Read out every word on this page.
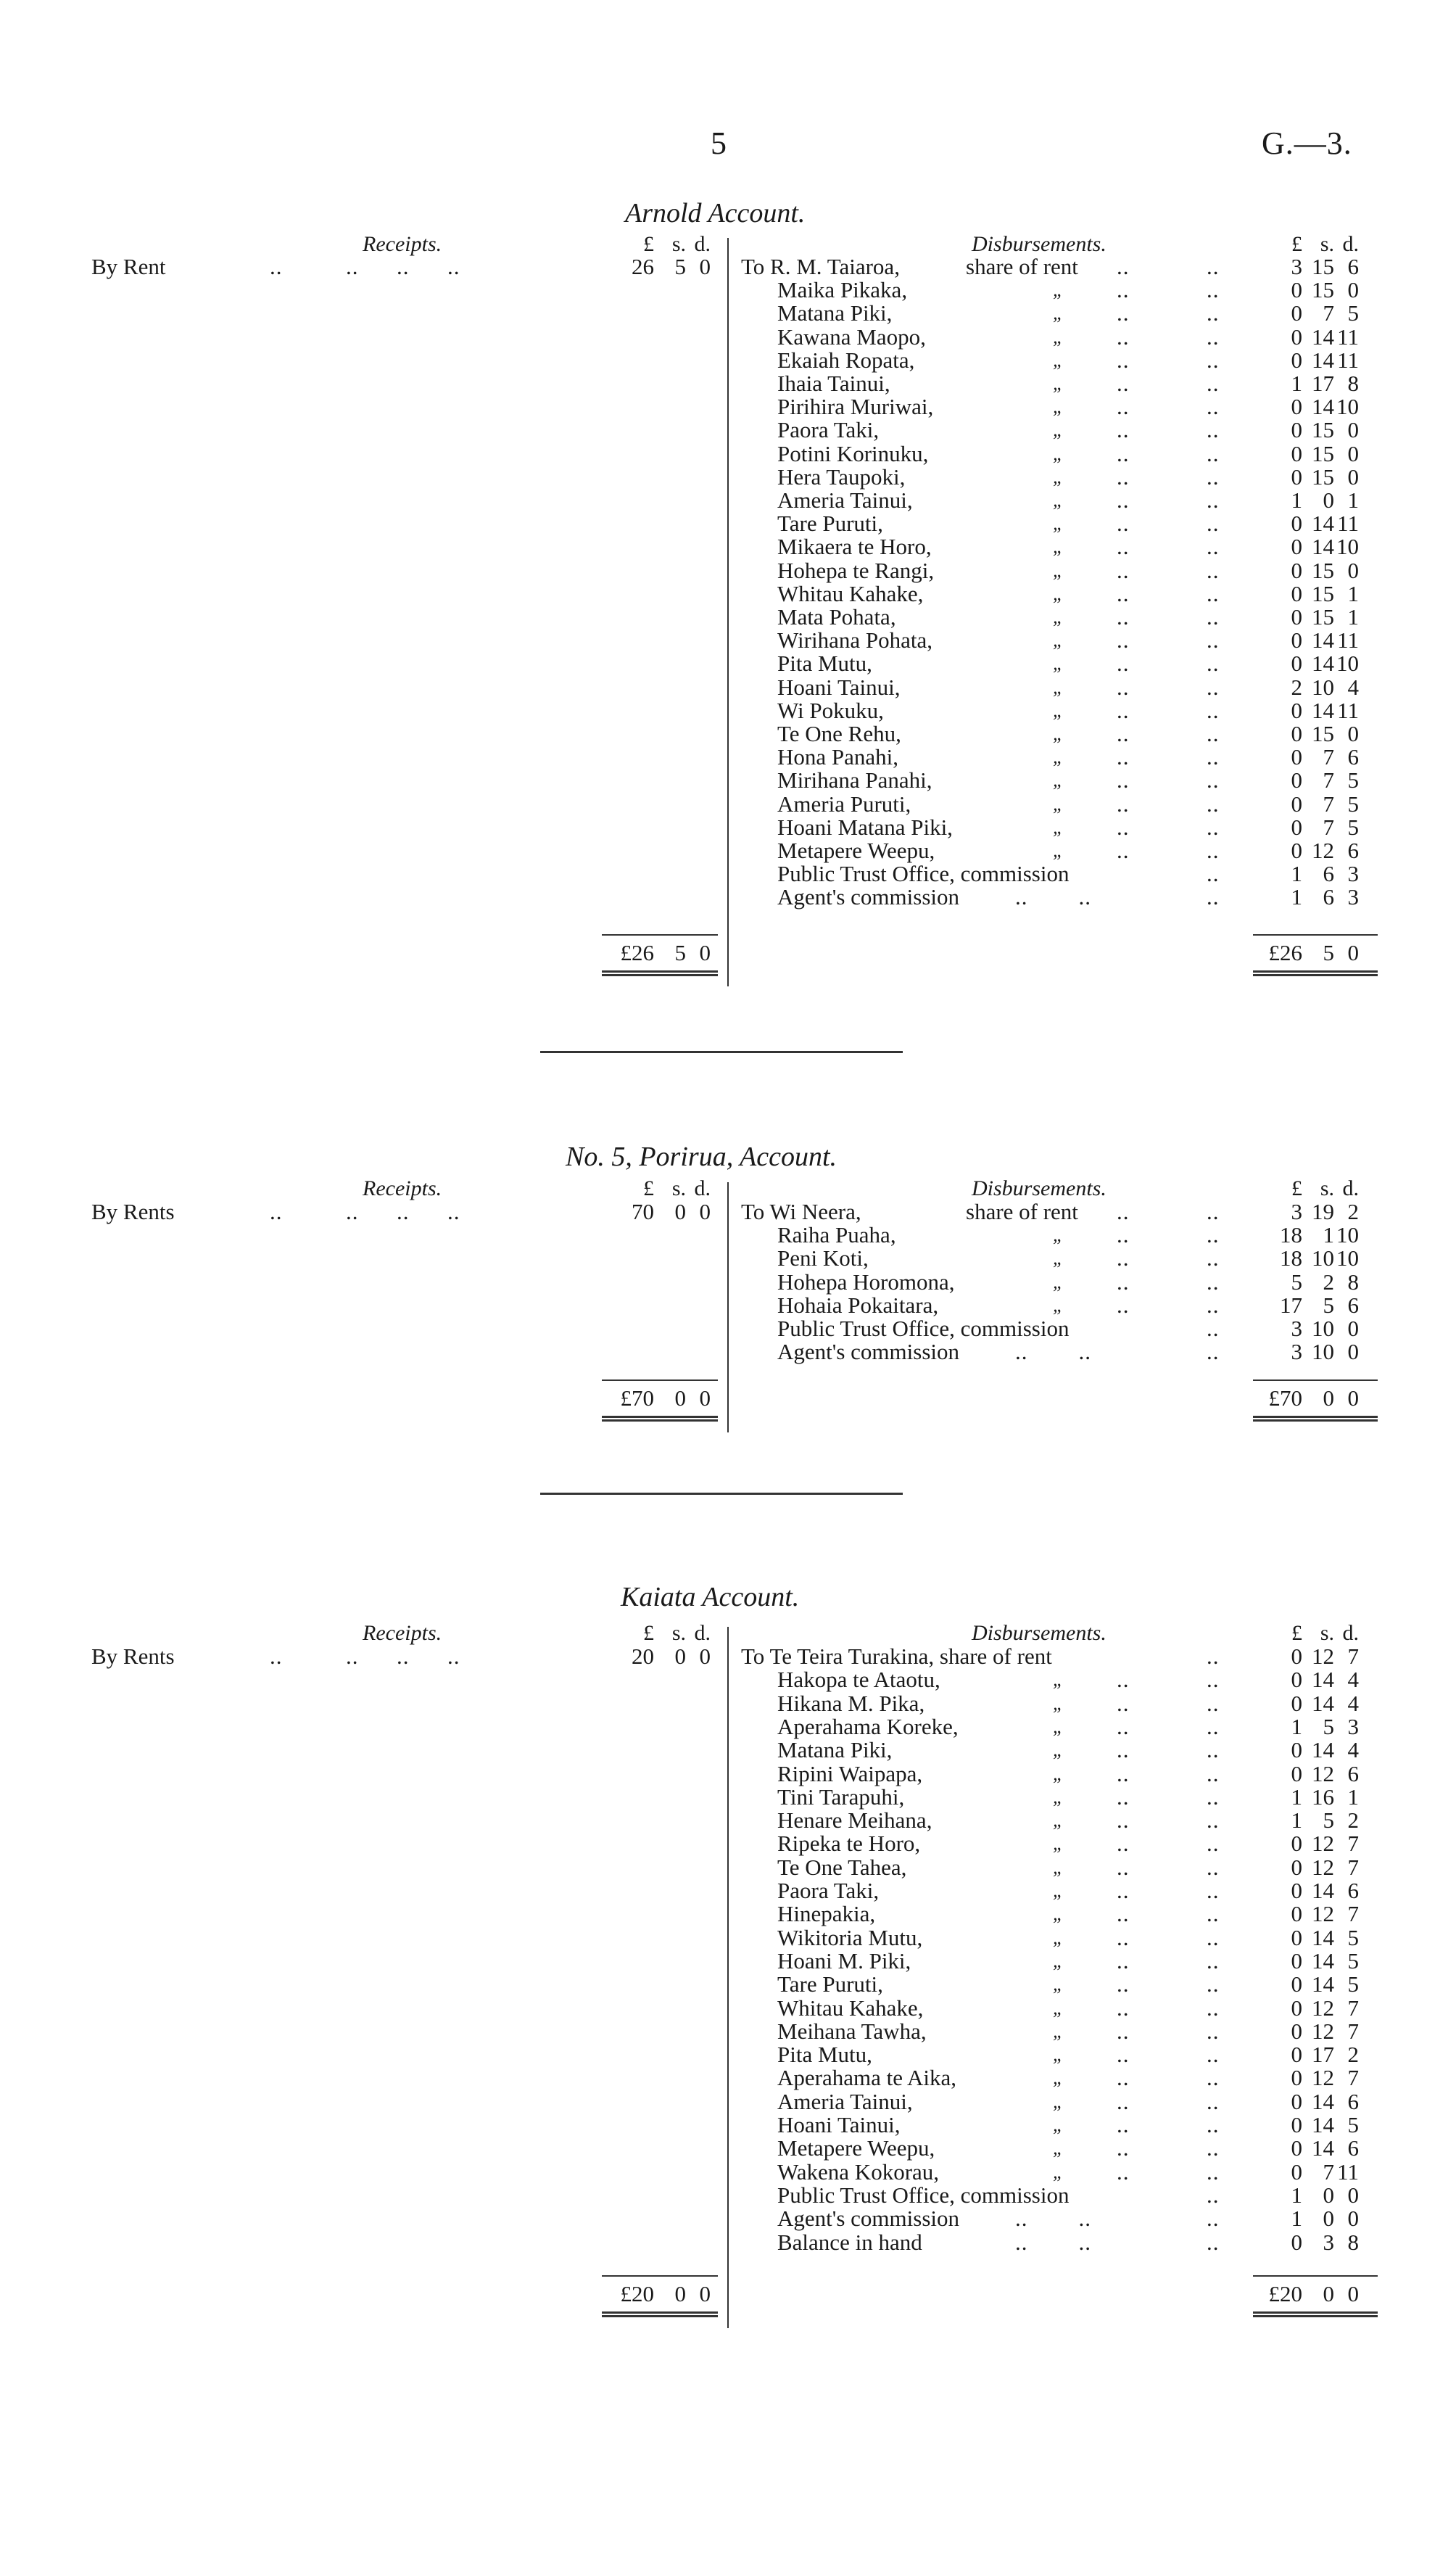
5	G.—3.
Arnold Account.
Receipts.	Disbursements.
£ s. d.	£ s. d.
By Rent	..          ..      ..      ..	26 5 0 To R. M. Taiaroa,	share of rent ..	..	3 15 6
Maika Pikaka,	„ ..	..	0 15 0
Matana Piki,	„ ..	..	0 7 5
Kawana Maopo,	„ ..	..	0 14 11
Ekaiah Ropata,	„ ..	..	0 14 11
Ihaia Tainui,	„ ..	..	1 17 8
Pirihira Muriwai,	„ ..	..	0 1410
Paora Taki,	„ ..	..	0 15 0
Potini Korinuku,	„ ..	..	0 15 0
Hera Taupoki,	„ ..	..	0 15 0
Ameria Tainui,	„ ..	..	1 0 1
Tare Puruti,	„ ..	..	0 14 11
Mikaera te Horo,	„ ..	..	0 1410
Hohepa te Rangi,	„ ..	..	0 15 0
Whitau Kahake,	„ ..	..	0 15 1
Mata Pohata,	„ ..	..	0 15 1
Wirihana Pohata,	„ ..	..	0 14 11
Pita Mutu,	„ ..	..	0 1410
Hoani Tainui,	„ ..	..	2 10 4
Wi Pokuku,	„ ..	..	0 14 11
Te One Rehu,	„ ..	..	0 15 0
Hona Panahi,	„ ..	..	0 7 6
Mirihana Panahi,	„ ..	..	0 7 5
Ameria Puruti,	„ ..	..	0 7 5
Hoani Matana Piki,	„ ..	..	0 7 5
Metapere Weepu,	„ ..	..	0 12 6
Public Trust Office, commission	..	1 6 3
Agent's commission ..        ..	..	1 6 3
£26 5 0	£26 5 0
No. 5, Porirua, Account.
Receipts.	Disbursements.
£ s. d.	£ s. d.
By Rents	..          ..      ..      ..	70 0 0 To Wi Neera,	share of rent ..	..	3 19 2
Raiha Puaha,	„ ..	..	18 110
Peni Koti,	„ ..	..	18 1010
Hohepa Horomona,	„ ..	..	5 2 8
Hohaia Pokaitara,	„ ..	..	17 5 6
Public Trust Office, commission	..	3 10 0
Agent's commission ..        ..	..	3 10 0
£70 0 0	£70 0 0
Kaiata Account.
Receipts.	Disbursements.
£ s. d.	£ s. d.
By Rents	..          ..      ..      ..	20 0 0 To Te Teira Turakina, share of rent	..	0 12 7
Hakopa te Ataotu,	„ ..	..	0 14 4
Hikana M. Pika,	„ ..	..	0 14 4
Aperahama Koreke,	„ ..	..	1 5 3
Matana Piki,	„ ..	..	0 14 4
Ripini Waipapa,	„ ..	..	0 12 6
Tini Tarapuhi,	„ ..	..	1 16 1
Henare Meihana,	„ ..	..	1 5 2
Ripeka te Horo,	„ ..	..	0 12 7
Te One Tahea,	„ ..	..	0 12 7
Paora Taki,	„ ..	..	0 14 6
Hinepakia,	„ ..	..	0 12 7
Wikitoria Mutu,	„ ..	..	0 14 5
Hoani M. Piki,	„ ..	..	0 14 5
Tare Puruti,	„ ..	..	0 14 5
Whitau Kahake,	„ ..	..	0 12 7
Meihana Tawha,	„ ..	..	0 12 7
Pita Mutu,	„ ..	..	0 17 2
Aperahama te Aika,	„ ..	..	0 12 7
Ameria Tainui,	„ ..	..	0 14 6
Hoani Tainui,	„ ..	..	0 14 5
Metapere Weepu,	„ ..	..	0 14 6
Wakena Kokorau,	„ ..	..	0 7 11
Public Trust Office, commission	..	1 0 0
Agent's commission ..        ..	..	1 0 0
Balance in hand	..        ..	..	0 3 8
£20 0 0	£20 0 0
